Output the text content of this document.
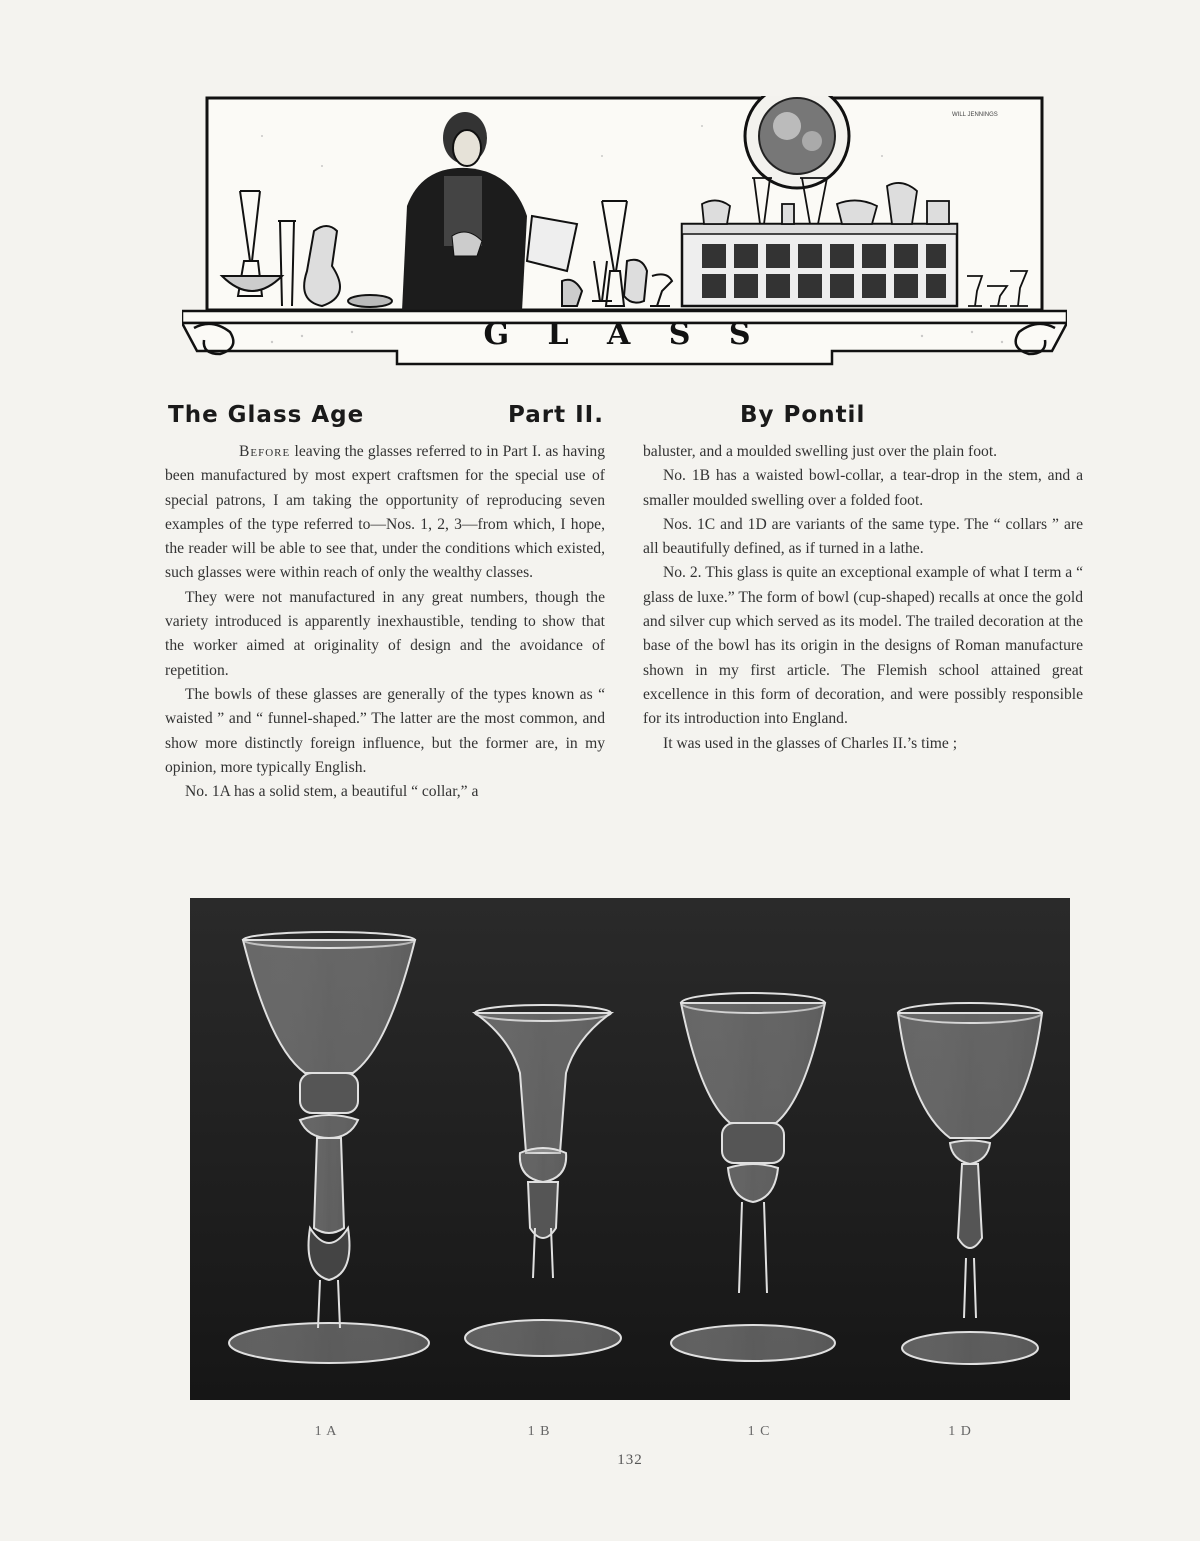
WILL JENNINGS
G L A S S
The Glass Age	Part II.	By Pontil

Before leaving the glasses referred to in Part I. as having been manufactured by most expert craftsmen for the special use of special patrons, I am taking the opportunity of reproducing seven examples of the type referred to—Nos. 1, 2, 3—from which, I hope, the reader will be able to see that, under the conditions which existed, such glasses were within reach of only the wealthy classes.

They were not manufactured in any great numbers, though the variety introduced is apparently inexhaustible, tending to show that the worker aimed at originality of design and the avoidance of repetition.

The bowls of these glasses are generally of the types known as “ waisted ” and “ funnel-shaped.” The latter are the most common, and show more distinctly foreign influence, but the former are, in my opinion, more typically English.

No. 1A has a solid stem, a beautiful “ collar,” a

baluster, and a moulded swelling just over the plain foot.

No. 1B has a waisted bowl-collar, a tear-drop in the stem, and a smaller moulded swelling over a folded foot.

Nos. 1C and 1D are variants of the same type. The “ collars ” are all beautifully defined, as if turned in a lathe.

No. 2. This glass is quite an exceptional example of what I term a “ glass de luxe.” The form of bowl (cup-shaped) recalls at once the gold and silver cup which served as its model. The trailed decoration at the base of the bowl has its origin in the designs of Roman manufacture shown in my first article. The Flemish school attained great excellence in this form of decoration, and were possibly responsible for its introduction into England.

It was used in the glasses of Charles II.’s time ;

1 A	1 B	1 C	1 D
132
